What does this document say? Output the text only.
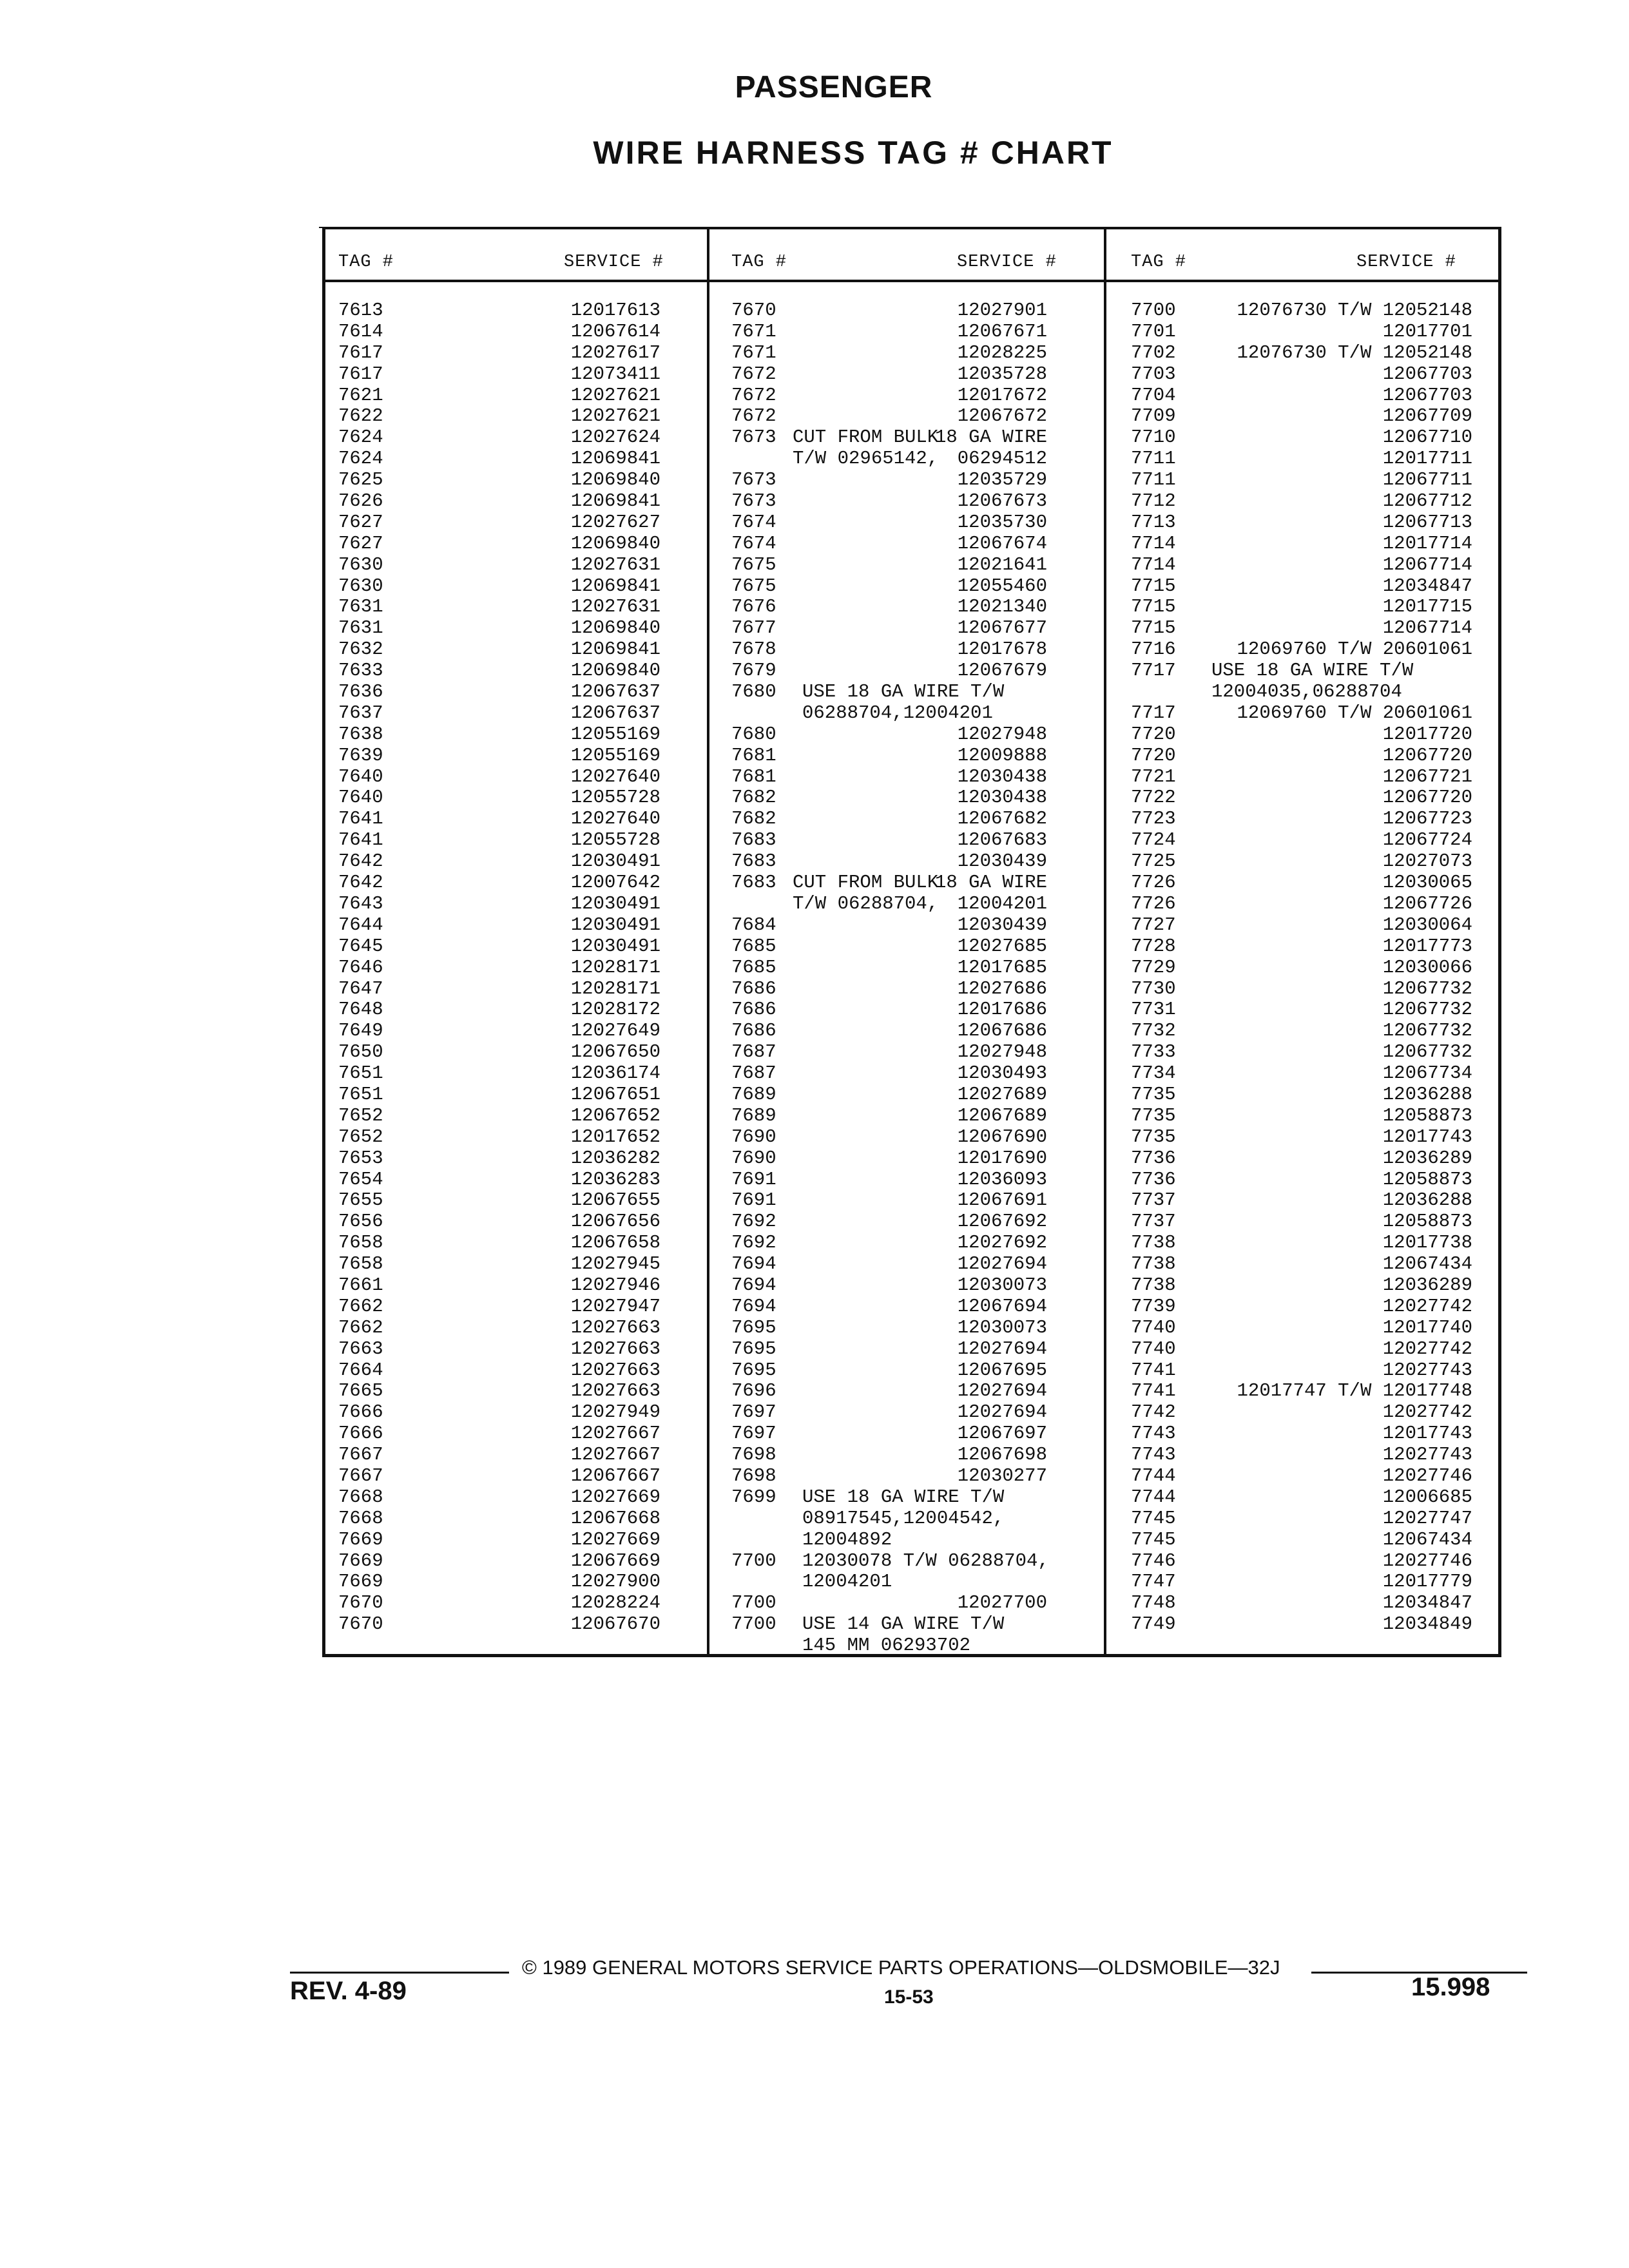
PASSENGER
WIRE HARNESS TAG # CHART
TAG #	SERVICE #
7613	12017613
7614	12067614
7617	12027617
7617	12073411
7621	12027621
7622	12027621
7624	12027624
7624	12069841
7625	12069840
7626	12069841
7627	12027627
7627	12069840
7630	12027631
7630	12069841
7631	12027631
7631	12069840
7632	12069841
7633	12069840
7636	12067637
7637	12067637
7638	12055169
7639	12055169
7640	12027640
7640	12055728
7641	12027640
7641	12055728
7642	12030491
7642	12007642
7643	12030491
7644	12030491
7645	12030491
7646	12028171
7647	12028171
7648	12028172
7649	12027649
7650	12067650
7651	12036174
7651	12067651
7652	12067652
7652	12017652
7653	12036282
7654	12036283
7655	12067655
7656	12067656
7658	12067658
7658	12027945
7661	12027946
7662	12027947
7662	12027663
7663	12027663
7664	12027663
7665	12027663
7666	12027949
7666	12027667
7667	12027667
7667	12067667
7668	12027669
7668	12067668
7669	12027669
7669	12067669
7669	12027900
7670	12028224
7670	12067670
TAG #	SERVICE #
7670	12027901
7671	12067671
7671	12028225
7672	12035728
7672	12017672
7672	12067672
7673 CUT FROM BULK
18 GA WIRE
T/W 02965142, 06294512
7673	12035729
7673	12067673
7674	12035730
7674	12067674
7675	12021641
7675	12055460
7676	12021340
7677	12067677
7678	12017678
7679	12067679
7680 USE 18 GA WIRE T/W
06288704,12004201
7680	12027948
7681	12009888
7681	12030438
7682	12030438
7682	12067682
7683	12067683
7683	12030439
7683 CUT FROM BULK
18 GA WIRE
T/W 06288704, 12004201
7684	12030439
7685	12027685
7685	12017685
7686	12027686
7686	12017686
7686	12067686
7687	12027948
7687	12030493
7689	12027689
7689	12067689
7690	12067690
7690	12017690
7691	12036093
7691	12067691
7692	12067692
7692	12027692
7694	12027694
7694	12030073
7694	12067694
7695	12030073
7695	12027694
7695	12067695
7696	12027694
7697	12027694
7697	12067697
7698	12067698
7698	12030277
7699 USE 18 GA WIRE T/W
08917545,12004542,
12004892
7700 12030078 T/W 06288704,
12004201
7700	12027700
7700 USE 14 GA WIRE T/W
145 MM 06293702
TAG #	SERVICE #
7700	12076730 T/W 12052148
7701	12017701
7702	12076730 T/W 12052148
7703	12067703
7704	12067703
7709	12067709
7710	12067710
7711	12017711
7711	12067711
7712	12067712
7713	12067713
7714	12017714
7714	12067714
7715	12034847
7715	12017715
7715	12067714
7716	12069760 T/W 20601061
7717 USE 18 GA WIRE T/W
12004035,06288704
7717	12069760 T/W 20601061
7720	12017720
7720	12067720
7721	12067721
7722	12067720
7723	12067723
7724	12067724
7725	12027073
7726	12030065
7726	12067726
7727	12030064
7728	12017773
7729	12030066
7730	12067732
7731	12067732
7732	12067732
7733	12067732
7734	12067734
7735	12036288
7735	12058873
7735	12017743
7736	12036289
7736	12058873
7737	12036288
7737	12058873
7738	12017738
7738	12067434
7738	12036289
7739	12027742
7740	12017740
7740	12027742
7741	12027743
7741	12017747 T/W 12017748
7742	12027742
7743	12017743
7743	12027743
7744	12027746
7744	12006685
7745	12027747
7745	12067434
7746	12027746
7747	12017779
7748	12034847
7749	12034849
© 1989 GENERAL MOTORS SERVICE PARTS OPERATIONS—OLDSMOBILE—32J
15-53
REV. 4-89	15.998
